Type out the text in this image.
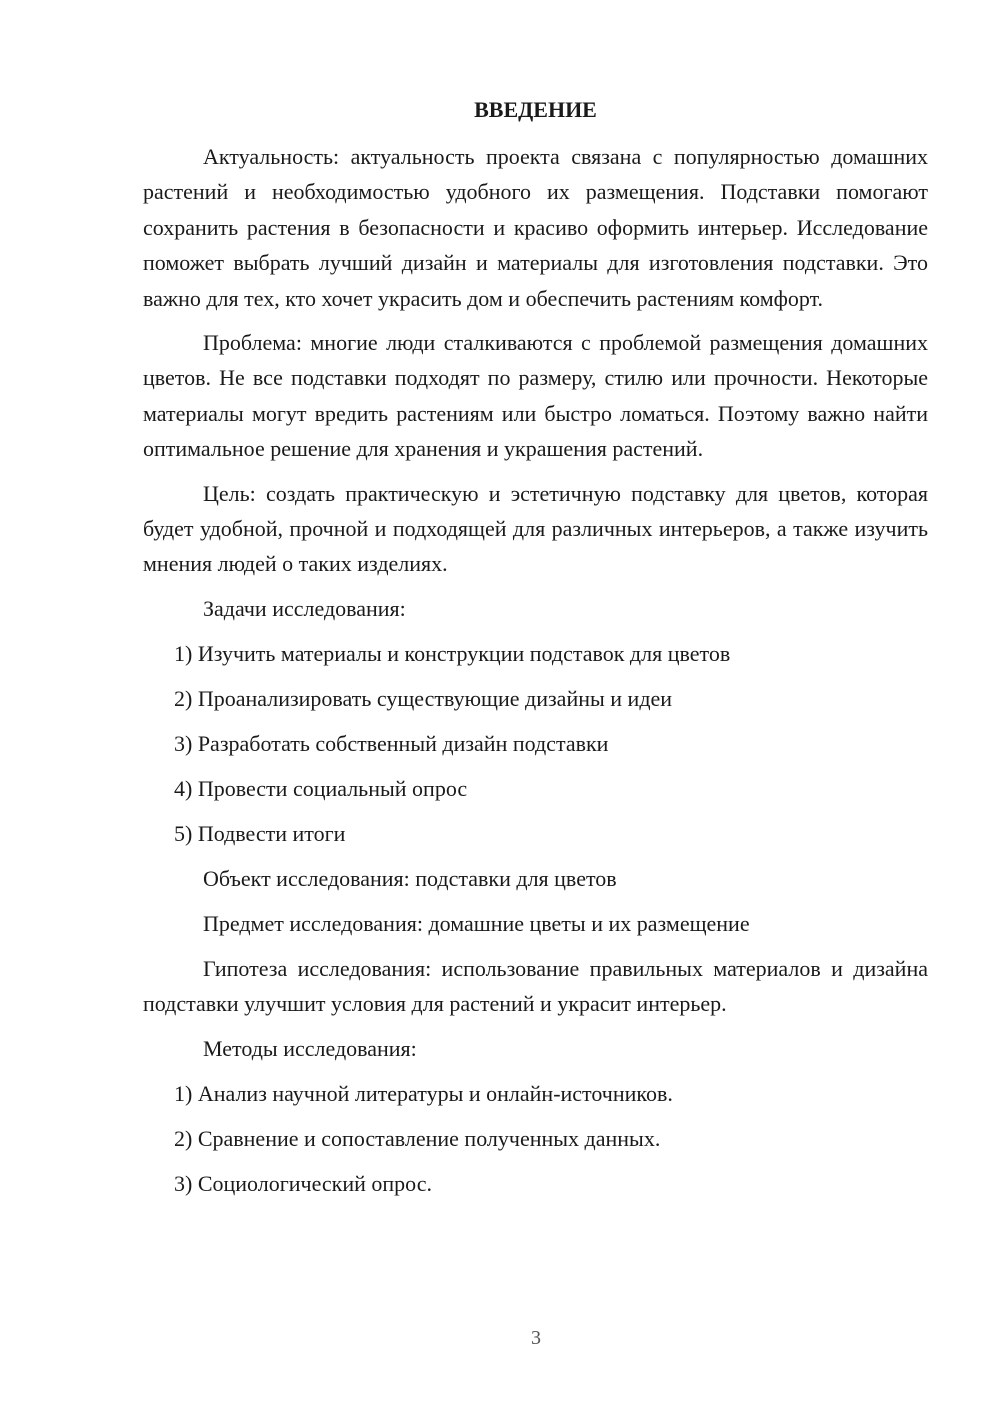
ВВЕДЕНИЕ

Актуальность: актуальность проекта связана с популярностью домашних растений и необходимостью удобного их размещения. Подставки помогают сохранить растения в безопасности и красиво оформить интерьер. Исследование поможет выбрать лучший дизайн и материалы для изготовления подставки. Это важно для тех, кто хочет украсить дом и обеспечить растениям комфорт.

Проблема: многие люди сталкиваются с проблемой размещения домашних цветов. Не все подставки подходят по размеру, стилю или прочности. Некоторые материалы могут вредить растениям или быстро ломаться. Поэтому важно найти оптимальное решение для хранения и украшения растений.

Цель: создать практическую и эстетичную подставку для цветов, которая будет удобной, прочной и подходящей для различных интерьеров, а также изучить мнения людей о таких изделиях.

Задачи исследования:
1) Изучить материалы и конструкции подставок для цветов
2) Проанализировать существующие дизайны и идеи
3) Разработать собственный дизайн подставки
4) Провести социальный опрос
5) Подвести итоги
Объект исследования: подставки для цветов
Предмет исследования: домашние цветы и их размещение

Гипотеза исследования: использование правильных материалов и дизайна подставки улучшит условия для растений и украсит интерьер.

Методы исследования:
1) Анализ научной литературы и онлайн-источников.
2) Сравнение и сопоставление полученных данных.
3) Социологический опрос.
3
